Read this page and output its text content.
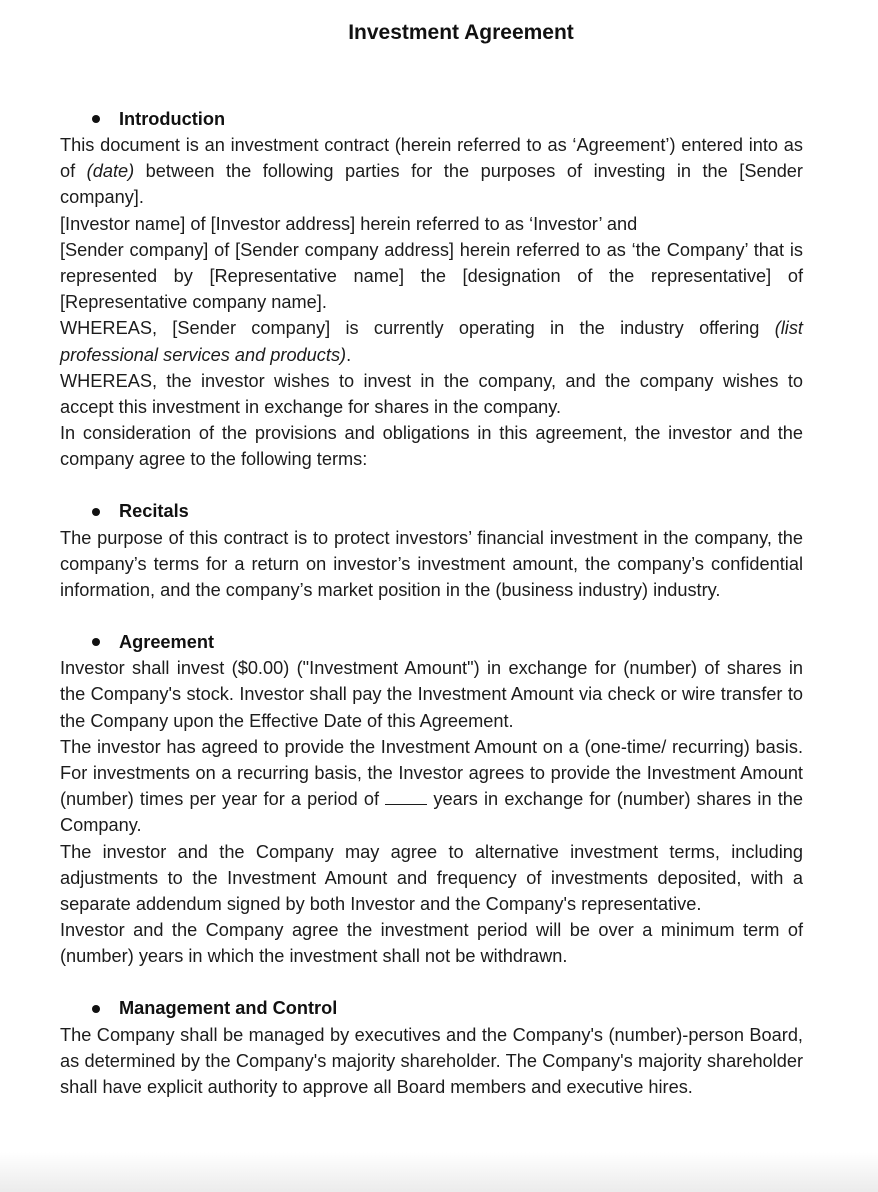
Investment Agreement
Introduction

This document is an investment contract (herein referred to as ‘Agreement’) entered into as of (date) between the following parties for the purposes of investing in the [Sender company].

[Investor name] of [Investor address] herein referred to as ‘Investor’ and

[Sender company] of [Sender company address] herein referred to as ‘the Company’ that is represented by [Representative name] the [designation of the representative] of [Representative company name].

WHEREAS, [Sender company] is currently operating in the industry offering (list professional services and products).

WHEREAS, the investor wishes to invest in the company, and the company wishes to accept this investment in exchange for shares in the company.

In consideration of the provisions and obligations in this agreement, the investor and the company agree to the following terms:

Recitals

The purpose of this contract is to protect investors’ financial investment in the company, the company’s terms for a return on investor’s investment amount, the company’s confidential information, and the company’s market position in the (business industry) industry.

Agreement

Investor shall invest ($0.00) ("Investment Amount") in exchange for (number) of shares in the Company's stock. Investor shall pay the Investment Amount via check or wire transfer to the Company upon the Effective Date of this Agreement.

The investor has agreed to provide the Investment Amount on a (one-time/ recurring) basis. For investments on a recurring basis, the Investor agrees to provide the Investment Amount (number) times per year for a period of  years in exchange for (number) shares in the Company.

The investor and the Company may agree to alternative investment terms, including adjustments to the Investment Amount and frequency of investments deposited, with a separate addendum signed by both Investor and the Company's representative.

Investor and the Company agree the investment period will be over a minimum term of (number) years in which the investment shall not be withdrawn.

Management and Control

The Company shall be managed by executives and the Company's (number)-person Board, as determined by the Company's majority shareholder. The Company's majority shareholder shall have explicit authority to approve all Board members and executive hires.
